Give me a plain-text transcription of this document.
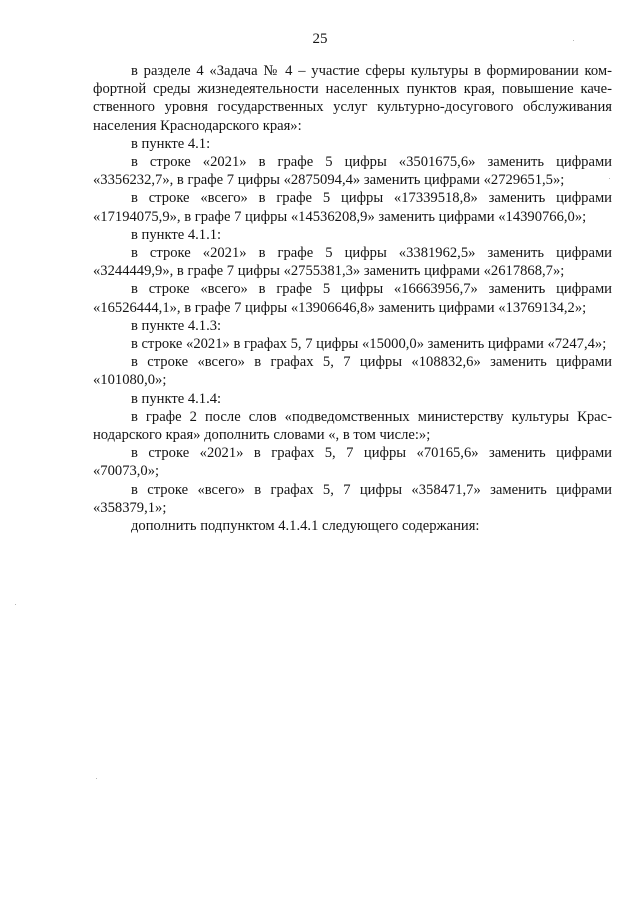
25

в разделе 4 «Задача № 4 – участие сферы культуры в формировании комфортной среды жизнедеятельности населенных пунктов края, повышение качественного уровня государственных услуг культурно-досугового обслуживания населения Краснодарского края»:

в пункте 4.1:

в строке «2021» в графе 5 цифры «3501675,6» заменить цифрами «3356232,7», в графе 7 цифры «2875094,4» заменить цифрами «2729651,5»;

в строке «всего» в графе 5 цифры «17339518,8» заменить цифрами «17194075,9», в графе 7 цифры «14536208,9» заменить цифрами «14390766,0»;

в пункте 4.1.1:

в строке «2021» в графе 5 цифры «3381962,5» заменить цифрами «3244449,9», в графе 7 цифры «2755381,3» заменить цифрами «2617868,7»;

в строке «всего» в графе 5 цифры «16663956,7» заменить цифрами «16526444,1», в графе 7 цифры «13906646,8» заменить цифрами «13769134,2»;

в пункте 4.1.3:

в строке «2021» в графах 5, 7 цифры «15000,0» заменить цифрами «7247,4»;

в строке «всего» в графах 5, 7 цифры «108832,6» заменить цифрами «101080,0»;

в пункте 4.1.4:

в графе 2 после слов «подведомственных министерству культуры Краснодарского края» дополнить словами «, в том числе:»;

в строке «2021» в графах 5, 7 цифры «70165,6» заменить цифрами «70073,0»;

в строке «всего» в графах 5, 7 цифры «358471,7» заменить цифрами «358379,1»;

дополнить подпунктом 4.1.4.1 следующего содержания:
